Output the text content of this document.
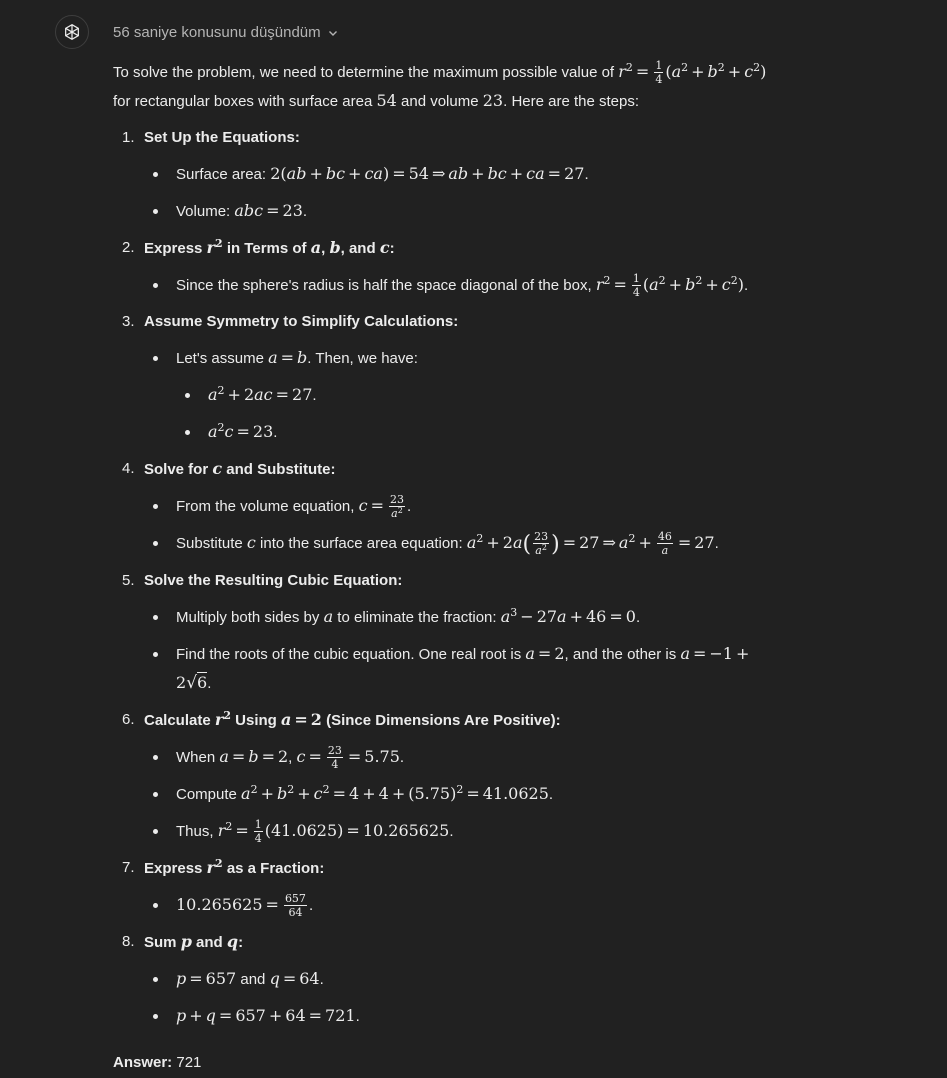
56 saniye konusunu düşündüm

To solve the problem, we need to determine the maximum possible value of $r^2 = \frac{1}{4} (a^2 + b^2 + c^2)$
for rectangular boxes with surface area 54 and volume 23. Here are the steps:

1. Set Up the Equations:
Surface area: 2(ab + bc + ca) = 54 ⇒ ab + bc + ca = 27.
Volume: abc = 23.
2. Express $r^2$ in Terms of a, b, and c:
Since the sphere's radius is half the space diagonal of the box, $r^2 = \frac{1}{4} (a^2 + b^2 + c^2)$.
3. Assume Symmetry to Simplify Calculations:
Let's assume a = b. Then, we have:
$a^2 + 2ac = 27$.
$a^2c = 23$.
4. Solve for c and Substitute:
From the volume equation, $c = \frac{23}{a^2}$ .
Substitute c into the surface area equation: $a^2 + 2a( \frac{23}{a^2}$ ) = 27 ⇒ $a^2 + \frac{46}{a} = 27$.
5. Solve the Resulting Cubic Equation:
Multiply both sides by a to eliminate the fraction: $a^3 - 27a + 46 = 0$.
Find the roots of the cubic equation. One real root is a = 2, and the other is a = −1 +
2√6.
6. Calculate $r^2$ Using a = 2 (Since Dimensions Are Positive):
When a = b = 2, $c = \frac{23}{4} = 5.75$.
Compute $a^2 + b^2 + c^2 = 4 + 4 + (5.75)^2 = 41.0625$.
Thus, $r^2 = \frac{1}{4} (41.0625) = 10.265625$.
7. Express $r^2$ as a Fraction:
$10.265625 = \frac{657}{64}$ .
8. Sum p and q:
p = 657 and q = 64.
p + q = 657 + 64 = 721.
Answer: 721
